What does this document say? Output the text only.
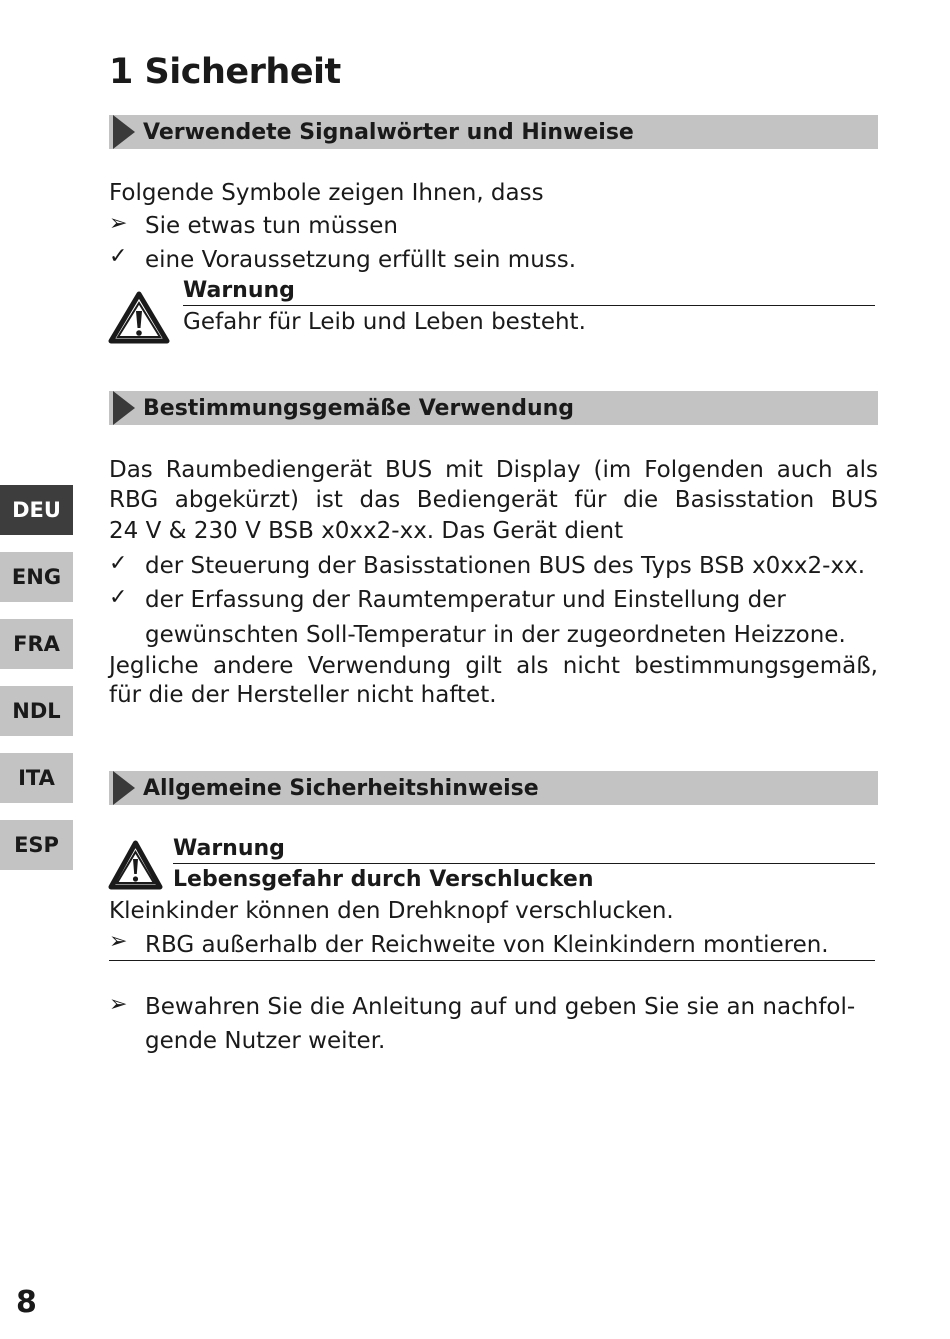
1 Sicherheit
Verwendete Signalwörter und Hinweise
Folgende Symbole zeigen Ihnen, dass
➢ Sie etwas tun müssen
✓ eine Voraussetzung erfüllt sein muss.
Warnung
Gefahr für Leib und Leben besteht.
Bestimmungsgemäße Verwendung
Das Raumbediengerät BUS mit Display (im Folgenden auch als
RBG abgekürzt) ist das Bediengerät für die Basisstation BUS
24 V & 230 V BSB x0xx2-xx. Das Gerät dient
✓ der Steuerung der Basisstationen BUS des Typs BSB x0xx2-xx.
✓ der Erfassung der Raumtemperatur und Einstellung der
gewünschten Soll-Temperatur in der zugeordneten Heizzone.
Jegliche andere Verwendung gilt als nicht bestimmungsgemäß,
für die der Hersteller nicht haftet.
Allgemeine Sicherheitshinweise
Warnung
Lebensgefahr durch Verschlucken
Kleinkinder können den Drehknopf verschlucken.
➢ RBG außerhalb der Reichweite von Kleinkindern montieren.
➢ Bewahren Sie die Anleitung auf und geben Sie sie an nachfol-
gende Nutzer weiter.
DEU
ENG
FRA
NDL
ITA
ESP
8
